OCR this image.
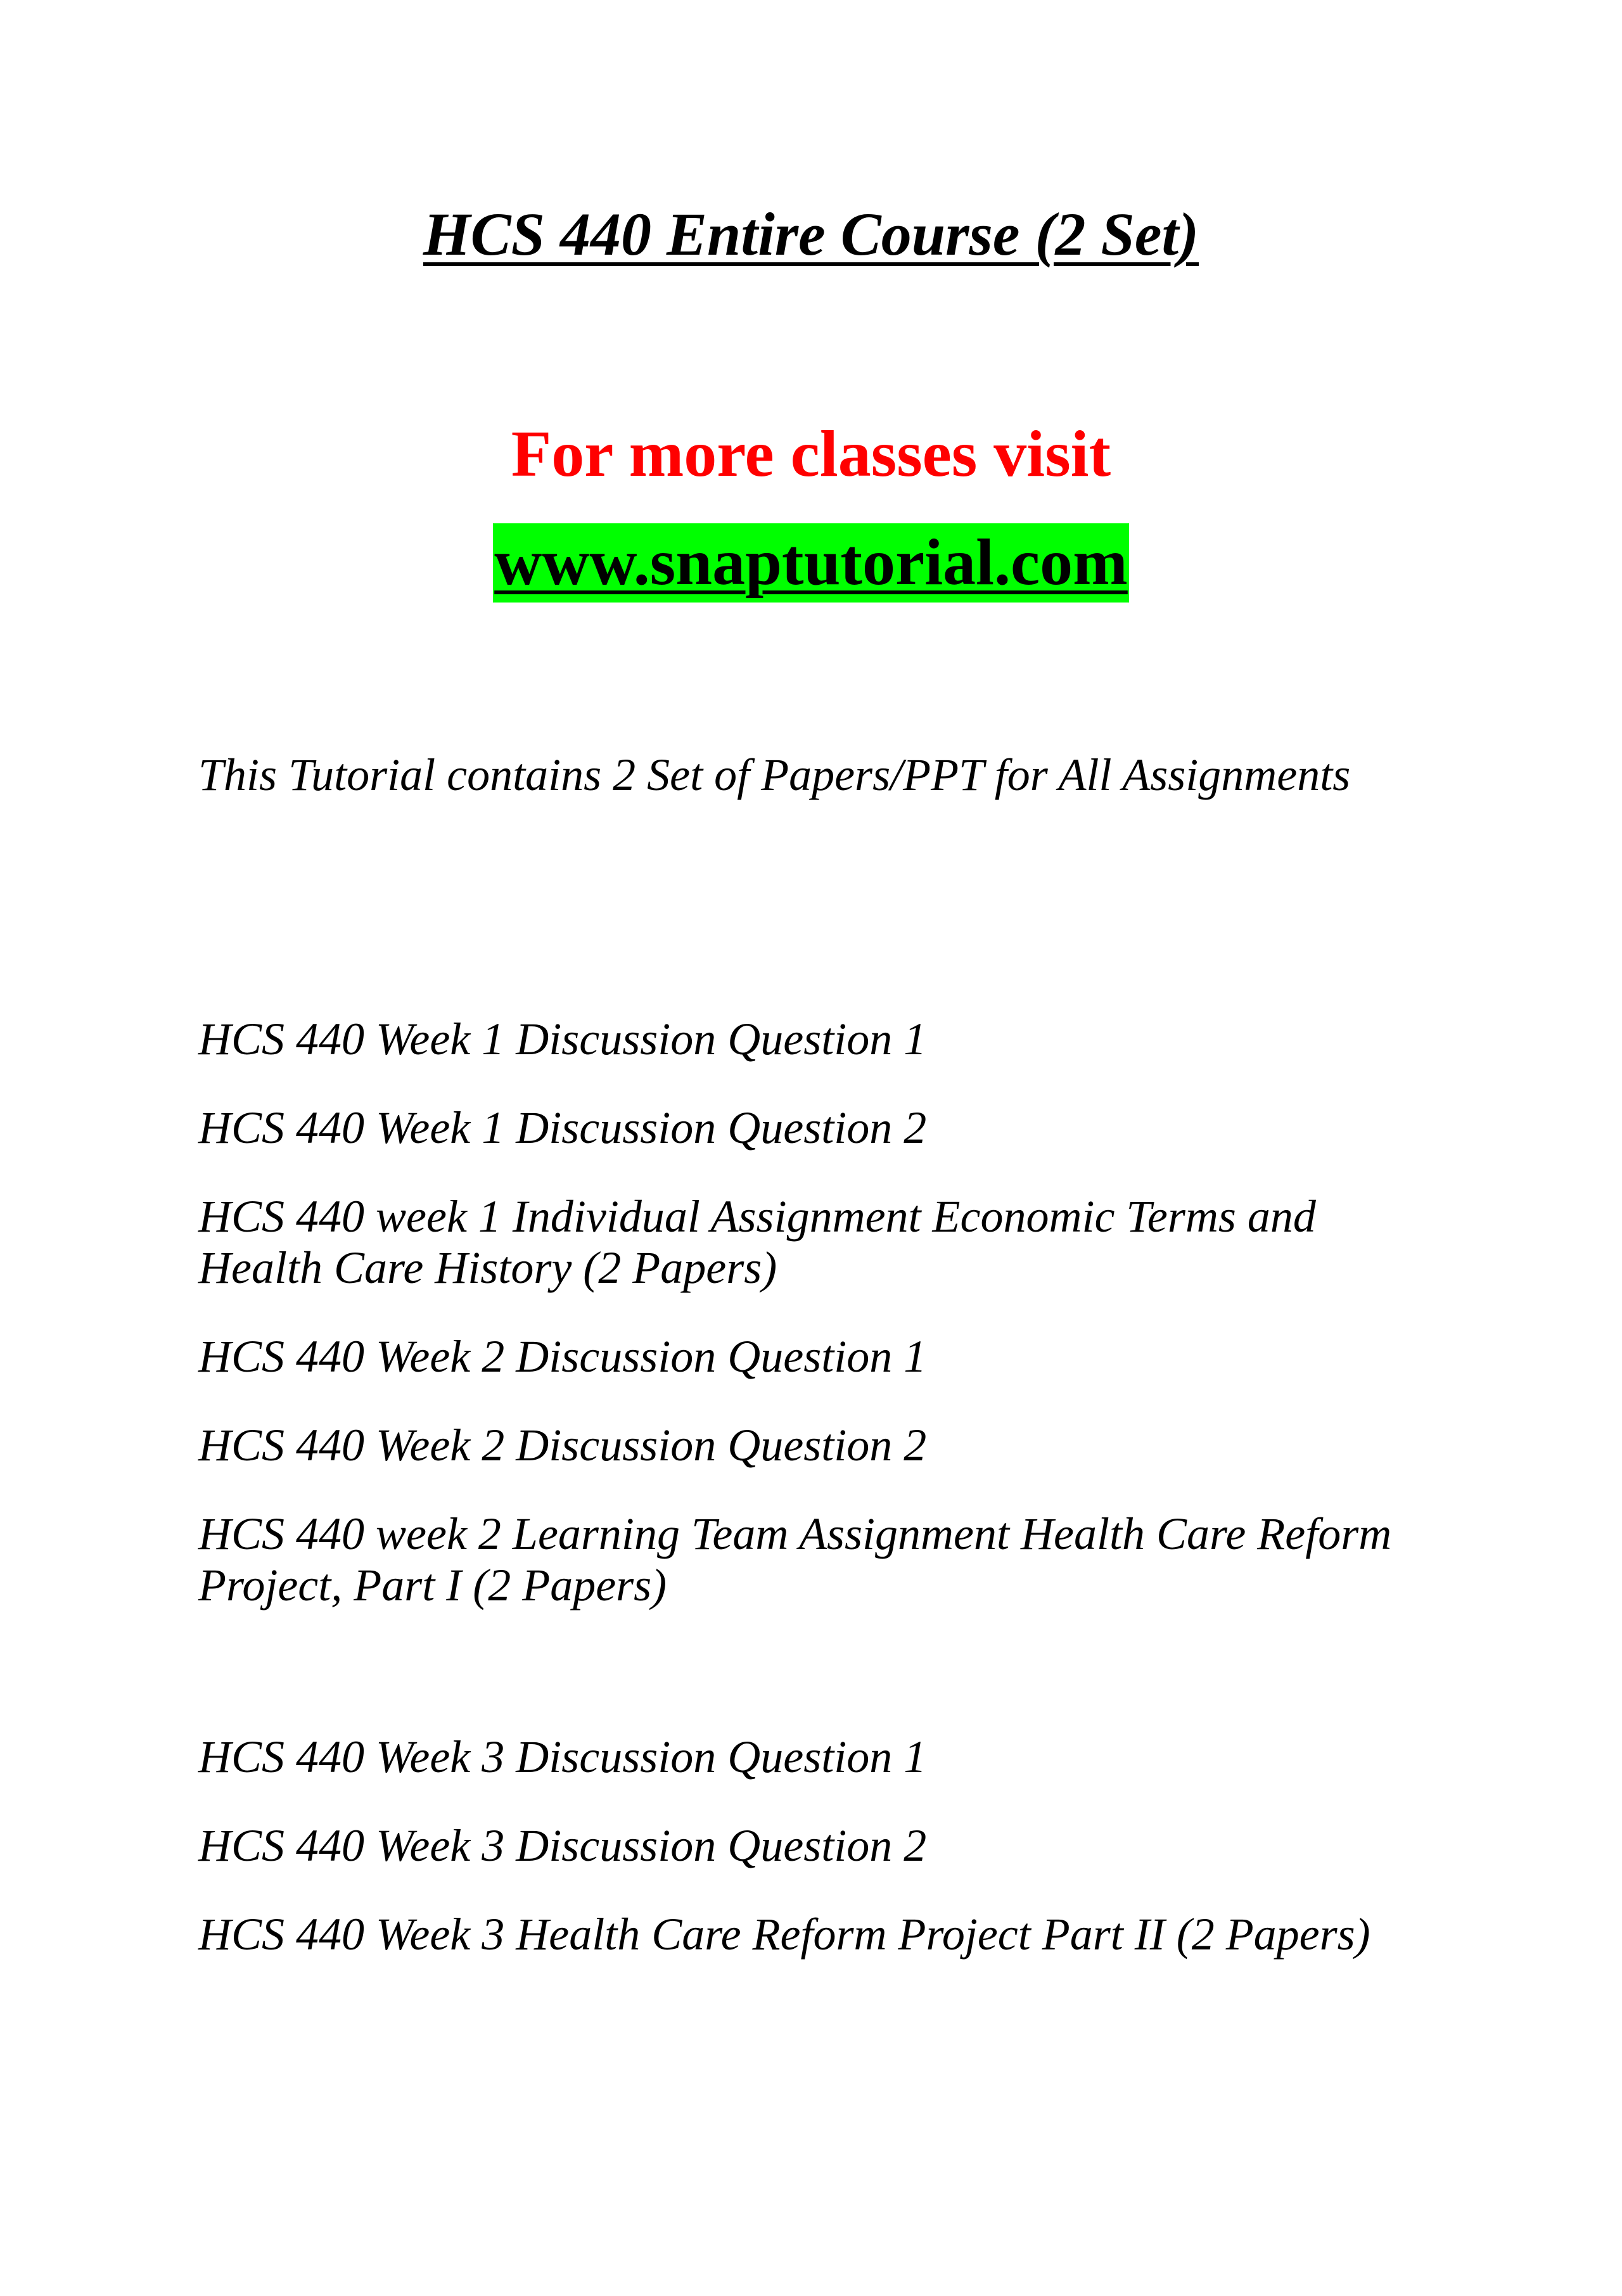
HCS 440 Entire Course (2 Set)
For more classes visit
www.snaptutorial.com
This Tutorial contains 2 Set of Papers/PPT for All Assignments
HCS 440 Week 1 Discussion Question 1
HCS 440 Week 1 Discussion Question 2
HCS 440 week 1 Individual Assignment Economic Terms and Health Care History (2 Papers)
HCS 440 Week 2 Discussion Question 1
HCS 440 Week 2 Discussion Question 2
HCS 440 week 2 Learning Team Assignment Health Care Reform Project, Part I (2 Papers)
HCS 440 Week 3 Discussion Question 1
HCS 440 Week 3 Discussion Question 2
HCS 440 Week 3 Health Care Reform Project Part II (2 Papers)
